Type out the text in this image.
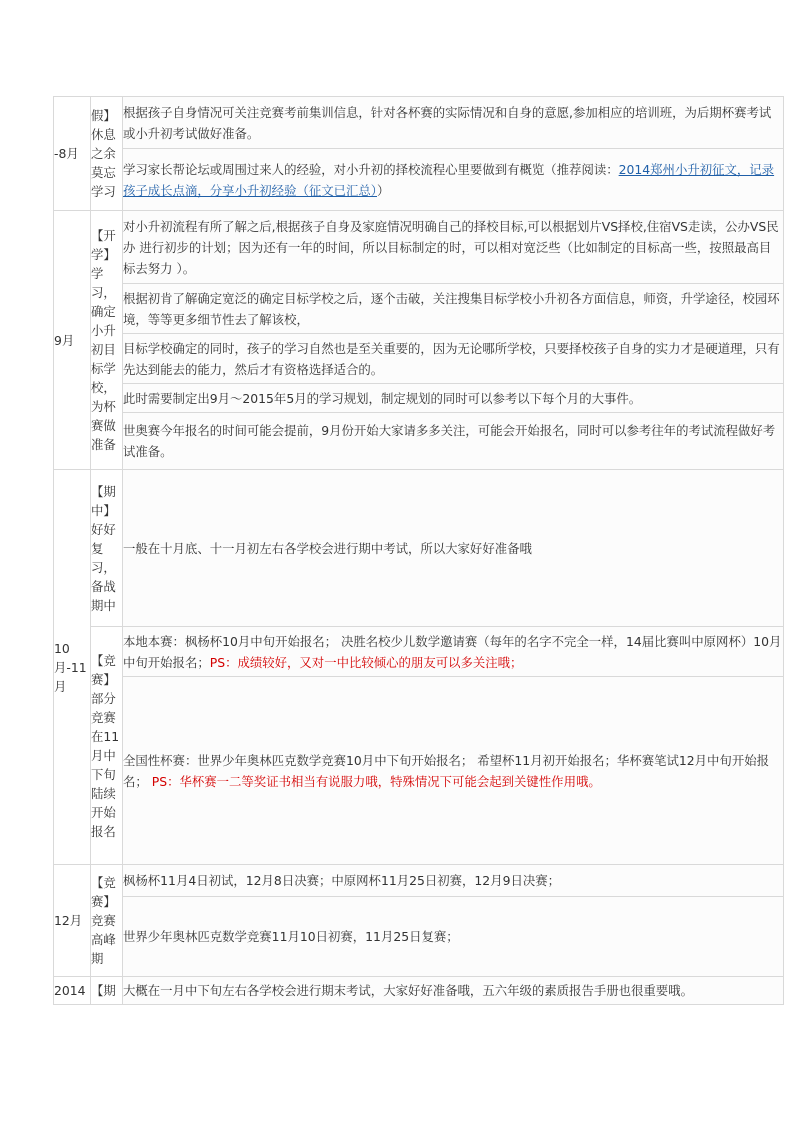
-8月	假】休息之余莫忘学习	根据孩子自身情况可关注竞赛考前集训信息，针对各杯赛的实际情况和自身的意愿,参加相应的培训班，为后期杯赛考试或小升初考试做好准备。
		学习家长帮论坛或周围过来人的经验，对小升初的择校流程心里要做到有概览（推荐阅读：2014郑州小升初征文，记录孩子成长点滴，分享小升初经验（征文已汇总））
9月	【开学】学习，确定小升初目标学校，为杯赛做准备	对小升初流程有所了解之后,根据孩子自身及家庭情况明确自己的择校目标,可以根据划片VS择校,住宿VS走读，公办VS民办 进行初步的计划；因为还有一年的时间，所以目标制定的时，可以相对宽泛些（比如制定的目标高一些，按照最高目标去努力 ）。
		根据初肯了解确定宽泛的确定目标学校之后，逐个击破，关注搜集目标学校小升初各方面信息，师资，升学途径，校园环境，等等更多细节性去了解该校，
		目标学校确定的同时，孩子的学习自然也是至关重要的，因为无论哪所学校，只要择校孩子自身的实力才是硬道理，只有先达到能去的能力，然后才有资格选择适合的。
		此时需要制定出9月～2015年5月的学习规划，制定规划的同时可以参考以下每个月的大事件。
		世奥赛今年报名的时间可能会提前，9月份开始大家请多多关注，可能会开始报名，同时可以参考往年的考试流程做好考试准备。
10月-11月	【期中】好好复习，备战期中	一般在十月底、十一月初左右各学校会进行期中考试，所以大家好好准备哦
	【竞赛】部分竞赛在11月中下旬陆续开始报名	本地本赛：枫杨杯10月中旬开始报名； 决胜名校少儿数学邀请赛（每年的名字不完全一样，14届比赛叫中原网杯）10月中旬开始报名；PS：成绩较好，又对一中比较倾心的朋友可以多关注哦；
		全国性杯赛：世界少年奥林匹克数学竞赛10月中下旬开始报名； 希望杯11月初开始报名；华杯赛笔试12月中旬开始报名； PS：华杯赛一二等奖证书相当有说服力哦，特殊情况下可能会起到关键性作用哦。
12月	【竞赛】竞赛高峰期	枫杨杯11月4日初试，12月8日决赛；中原网杯11月25日初赛，12月9日决赛；
		世界少年奥林匹克数学竞赛11月10日初赛，11月25日复赛；
2014	【期	大概在一月中下旬左右各学校会进行期末考试，大家好好准备哦，五六年级的素质报告手册也很重要哦。
